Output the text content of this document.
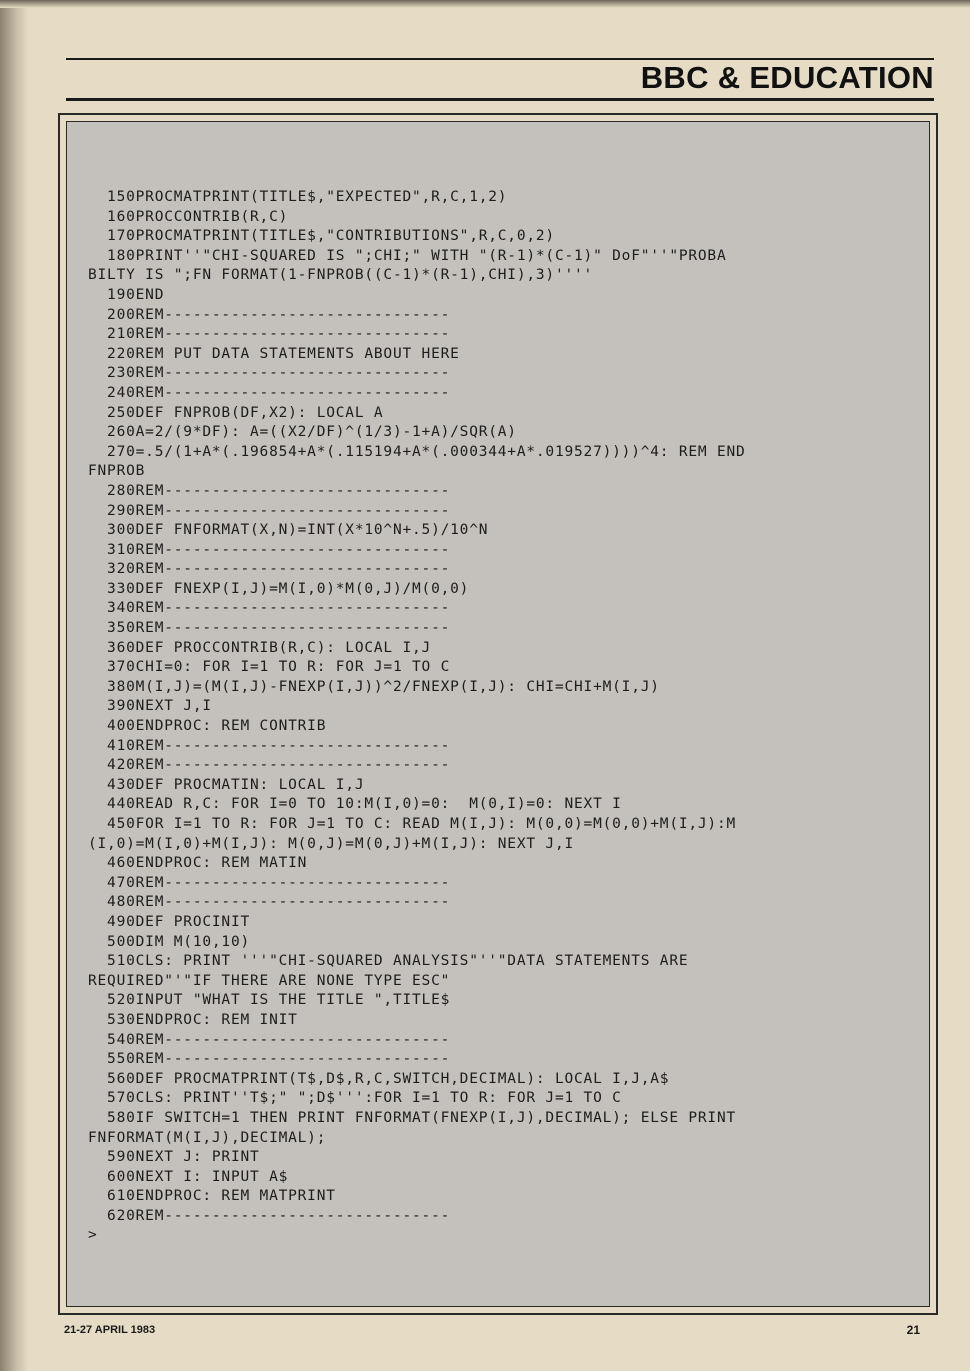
BBC & EDUCATION
150PROCMATPRINT(TITLE$,"EXPECTED",R,C,1,2)
160PROCCONTRIB(R,C)
170PROCMATPRINT(TITLE$,"CONTRIBUTIONS",R,C,0,2)
180PRINT''"CHI-SQUARED IS ";CHI;" WITH "(R-1)*(C-1)" DoF"''"PROBA
BILTY IS ";FN FORMAT(1-FNPROB((C-1)*(R-1),CHI),3)''''
190END
200REM------------------------------
210REM------------------------------
220REM PUT DATA STATEMENTS ABOUT HERE
230REM------------------------------
240REM------------------------------
250DEF FNPROB(DF,X2): LOCAL A
260A=2/(9*DF): A=((X2/DF)^(1/3)-1+A)/SQR(A)
270=.5/(1+A*(.196854+A*(.115194+A*(.000344+A*.019527))))^4: REM END
FNPROB
280REM------------------------------
290REM------------------------------
300DEF FNFORMAT(X,N)=INT(X*10^N+.5)/10^N
310REM------------------------------
320REM------------------------------
330DEF FNEXP(I,J)=M(I,0)*M(0,J)/M(0,0)
340REM------------------------------
350REM------------------------------
360DEF PROCCONTRIB(R,C): LOCAL I,J
370CHI=0: FOR I=1 TO R: FOR J=1 TO C
380M(I,J)=(M(I,J)-FNEXP(I,J))^2/FNEXP(I,J): CHI=CHI+M(I,J)
390NEXT J,I
400ENDPROC: REM CONTRIB
410REM------------------------------
420REM------------------------------
430DEF PROCMATIN: LOCAL I,J
440READ R,C: FOR I=0 TO 10:M(I,0)=0:  M(0,I)=0: NEXT I
450FOR I=1 TO R: FOR J=1 TO C: READ M(I,J): M(0,0)=M(0,0)+M(I,J):M
(I,0)=M(I,0)+M(I,J): M(0,J)=M(0,J)+M(I,J): NEXT J,I
460ENDPROC: REM MATIN
470REM------------------------------
480REM------------------------------
490DEF PROCINIT
500DIM M(10,10)
510CLS: PRINT '''"CHI-SQUARED ANALYSIS"''"DATA STATEMENTS ARE
REQUIRED"'"IF THERE ARE NONE TYPE ESC"
520INPUT "WHAT IS THE TITLE ",TITLE$
530ENDPROC: REM INIT
540REM------------------------------
550REM------------------------------
560DEF PROCMATPRINT(T$,D$,R,C,SWITCH,DECIMAL): LOCAL I,J,A$
570CLS: PRINT''T$;" ";D$''':FOR I=1 TO R: FOR J=1 TO C
580IF SWITCH=1 THEN PRINT FNFORMAT(FNEXP(I,J),DECIMAL); ELSE PRINT
FNFORMAT(M(I,J),DECIMAL);
590NEXT J: PRINT
600NEXT I: INPUT A$
610ENDPROC: REM MATPRINT
620REM------------------------------
>
21-27 APRIL 1983	21
